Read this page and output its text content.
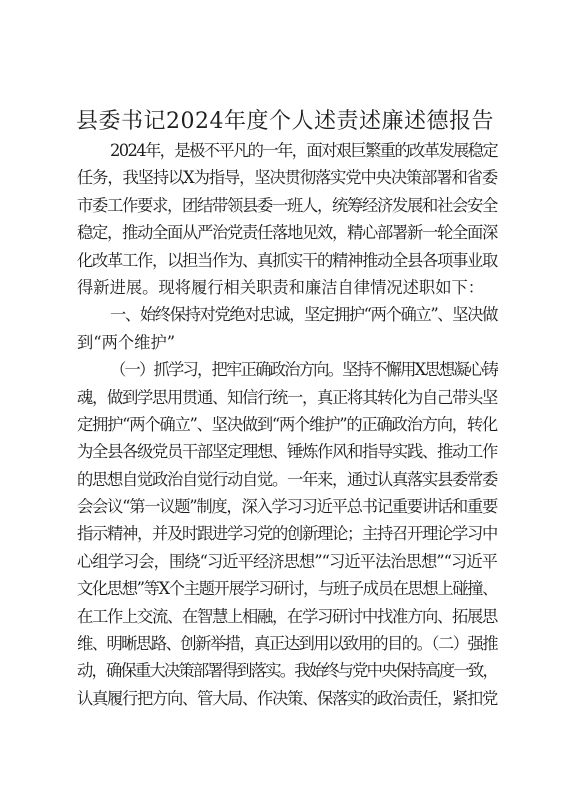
县委书记2024年度个人述责述廉述德报告
2024年，是极不平凡的一年，面对艰巨繁重的改革发展稳定
任务，我坚持以X为指导，坚决贯彻落实党中央决策部署和省委
市委工作要求，团结带领县委一班人，统筹经济发展和社会安全
稳定，推动全面从严治党责任落地见效，精心部署新一轮全面深
化改革工作，以担当作为、真抓实干的精神推动全县各项事业取
得新进展。现将履行相关职责和廉洁自律情况述职如下：
一、始终保持对党绝对忠诚，坚定拥护“两个确立”、坚决做
到“两个维护”
（一）抓学习，把牢正确政治方向。坚持不懈用X思想凝心铸
魂，做到学思用贯通、知信行统一，真正将其转化为自己带头坚
定拥护“两个确立”、坚决做到“两个维护”的正确政治方向，转化
为全县各级党员干部坚定理想、锤炼作风和指导实践、推动工作
的思想自觉政治自觉行动自觉。一年来，通过认真落实县委常委
会会议“第一议题”制度，深入学习习近平总书记重要讲话和重要
指示精神，并及时跟进学习党的创新理论；主持召开理论学习中
心组学习会，围绕“习近平经济思想”“习近平法治思想”“习近平
文化思想”等X个主题开展学习研讨，与班子成员在思想上碰撞、
在工作上交流、在智慧上相融，在学习研讨中找准方向、拓展思
维、明晰思路、创新举措，真正达到用以致用的目的。（二）强推
动，确保重大决策部署得到落实。我始终与党中央保持高度一致，
认真履行把方向、管大局、作决策、保落实的政治责任，紧扣党
